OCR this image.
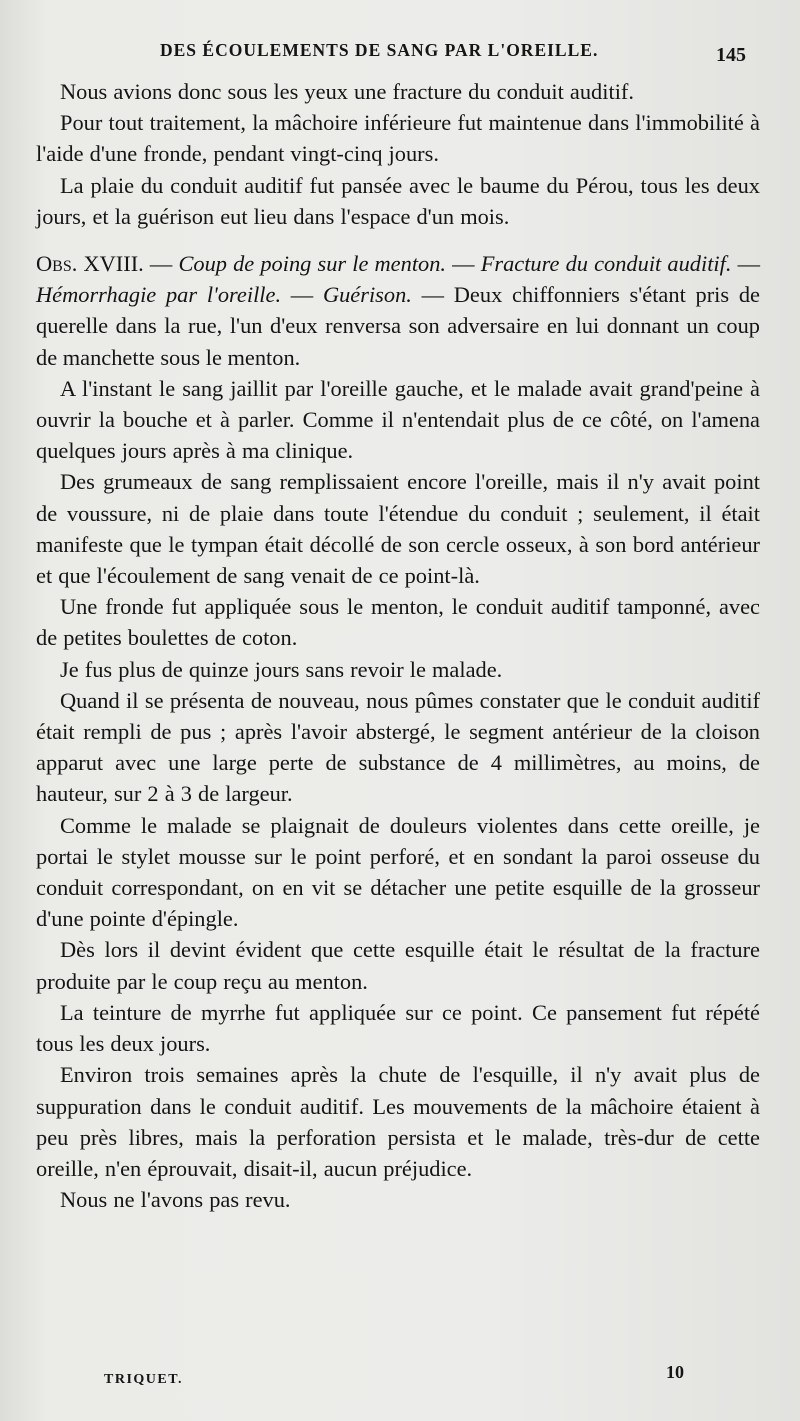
DES ÉCOULEMENTS DE SANG PAR L'OREILLE.	145

Nous avions donc sous les yeux une fracture du conduit auditif.

Pour tout traitement, la mâchoire inférieure fut maintenue dans l'immobilité à l'aide d'une fronde, pendant vingt-cinq jours.

La plaie du conduit auditif fut pansée avec le baume du Pérou, tous les deux jours, et la guérison eut lieu dans l'espace d'un mois.

Obs. XVIII. — Coup de poing sur le menton. — Fracture du conduit auditif. — Hémorrhagie par l'oreille. — Guérison. — Deux chiffonniers s'étant pris de querelle dans la rue, l'un d'eux renversa son adversaire en lui donnant un coup de manchette sous le menton.

A l'instant le sang jaillit par l'oreille gauche, et le malade avait grand'peine à ouvrir la bouche et à parler. Comme il n'entendait plus de ce côté, on l'amena quelques jours après à ma clinique.

Des grumeaux de sang remplissaient encore l'oreille, mais il n'y avait point de voussure, ni de plaie dans toute l'étendue du conduit ; seulement, il était manifeste que le tympan était décollé de son cercle osseux, à son bord antérieur et que l'écoulement de sang venait de ce point-là.

Une fronde fut appliquée sous le menton, le conduit auditif tamponné, avec de petites boulettes de coton.

Je fus plus de quinze jours sans revoir le malade.

Quand il se présenta de nouveau, nous pûmes constater que le conduit auditif était rempli de pus ; après l'avoir abstergé, le segment antérieur de la cloison apparut avec une large perte de substance de 4 millimètres, au moins, de hauteur, sur 2 à 3 de largeur.

Comme le malade se plaignait de douleurs violentes dans cette oreille, je portai le stylet mousse sur le point perforé, et en sondant la paroi osseuse du conduit correspondant, on en vit se détacher une petite esquille de la grosseur d'une pointe d'épingle.

Dès lors il devint évident que cette esquille était le résultat de la fracture produite par le coup reçu au menton.

La teinture de myrrhe fut appliquée sur ce point. Ce pansement fut répété tous les deux jours.

Environ trois semaines après la chute de l'esquille, il n'y avait plus de suppuration dans le conduit auditif. Les mouvements de la mâchoire étaient à peu près libres, mais la perforation persista et le malade, très-dur de cette oreille, n'en éprouvait, disait-il, aucun préjudice.

Nous ne l'avons pas revu.

TRIQUET.	10
